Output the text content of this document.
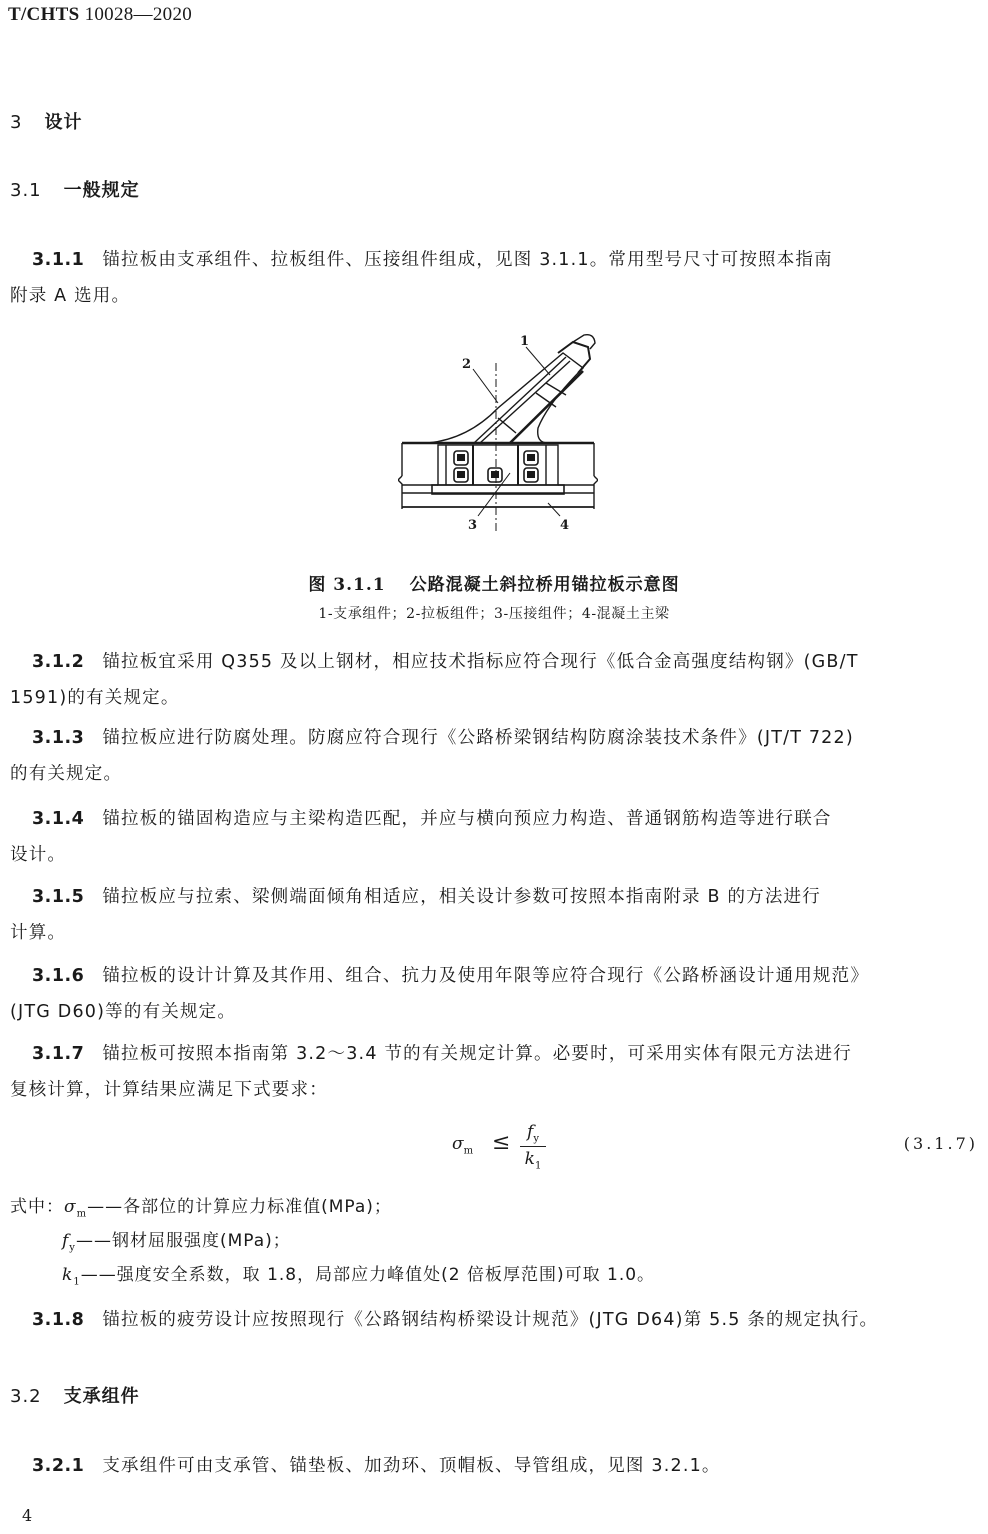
T/CHTS 10028—2020
3 设计
3.1 一般规定
3.1.1 锚拉板由支承组件、拉板组件、压接组件组成，见图 3.1.1。常用型号尺寸可按照本指南
附录 A 选用。
1
2
3	4
图 3.1.1 公路混凝土斜拉桥用锚拉板示意图
1-支承组件；2-拉板组件；3-压接组件；4-混凝土主梁
3.1.2 锚拉板宜采用 Q355 及以上钢材，相应技术指标应符合现行《低合金高强度结构钢》(GB/T
1591)的有关规定。
3.1.3 锚拉板应进行防腐处理。防腐应符合现行《公路桥梁钢结构防腐涂装技术条件》(JT/T 722)
的有关规定。
3.1.4 锚拉板的锚固构造应与主梁构造匹配，并应与横向预应力构造、普通钢筋构造等进行联合
设计。
3.1.5 锚拉板应与拉索、梁侧端面倾角相适应，相关设计参数可按照本指南附录 B 的方法进行
计算。
3.1.6 锚拉板的设计计算及其作用、组合、抗力及使用年限等应符合现行《公路桥涵设计通用规范》
(JTG D60)等的有关规定。
3.1.7 锚拉板可按照本指南第 3.2～3.4 节的有关规定计算。必要时，可采用实体有限元方法进行
复核计算，计算结果应满足下式要求：
$\sigma_m \le f_y$
$k_1$
(3.1.7)
式中：$\sigma_m——$各部位的计算应力标准值(MPa)；
$f_y——$钢材屈服强度(MPa)；
$k_1——$强度安全系数，取 1.8，局部应力峰值处(2 倍板厚范围)可取 1.0。
3.1.8 锚拉板的疲劳设计应按照现行《公路钢结构桥梁设计规范》(JTG D64)第 5.5 条的规定执行。
3.2 支承组件
3.2.1 支承组件可由支承管、锚垫板、加劲环、顶帽板、导管组成，见图 3.2.1。
4
